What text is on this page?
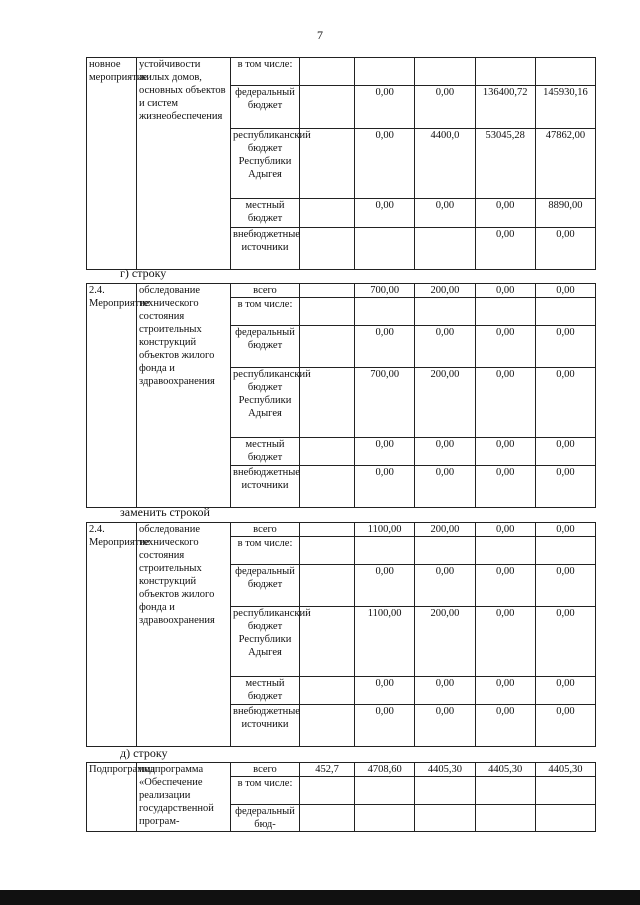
7
новное мероприятие	устойчивости жилых домов, основных объектов и систем жизнеобеспечения	в том числе:					
		федеральный бюджет		0,00	0,00	136400,72	145930,16
		республиканский бюджет Республики Адыгея		0,00	4400,0	53045,28	47862,00
		местный бюджет		0,00	0,00	0,00	8890,00
		внебюджетные источники				0,00	0,00
г) строку
2.4. Мероприятие	обследование технического состояния строительных конструкций объектов жилого фонда и здравоохранения	всего		700,00	200,00	0,00	0,00
		в том числе:					
		федеральный бюджет		0,00	0,00	0,00	0,00
		республиканский бюджет Республики Адыгея		700,00	200,00	0,00	0,00
		местный бюджет		0,00	0,00	0,00	0,00
		внебюджетные источники		0,00	0,00	0,00	0,00
заменить строкой
2.4. Мероприятие	обследование технического состояния строительных конструкций объектов жилого фонда и здравоохранения	всего		1100,00	200,00	0,00	0,00
		в том числе:					
		федеральный бюджет		0,00	0,00	0,00	0,00
		республиканский бюджет Республики Адыгея		1100,00	200,00	0,00	0,00
		местный бюджет		0,00	0,00	0,00	0,00
		внебюджетные источники		0,00	0,00	0,00	0,00
д) строку
Подпрограмма	подпрограмма «Обеспечение реализации государственной програм-	всего	452,7	4708,60	4405,30	4405,30	4405,30
		в том числе:					
		федеральный бюд-					
